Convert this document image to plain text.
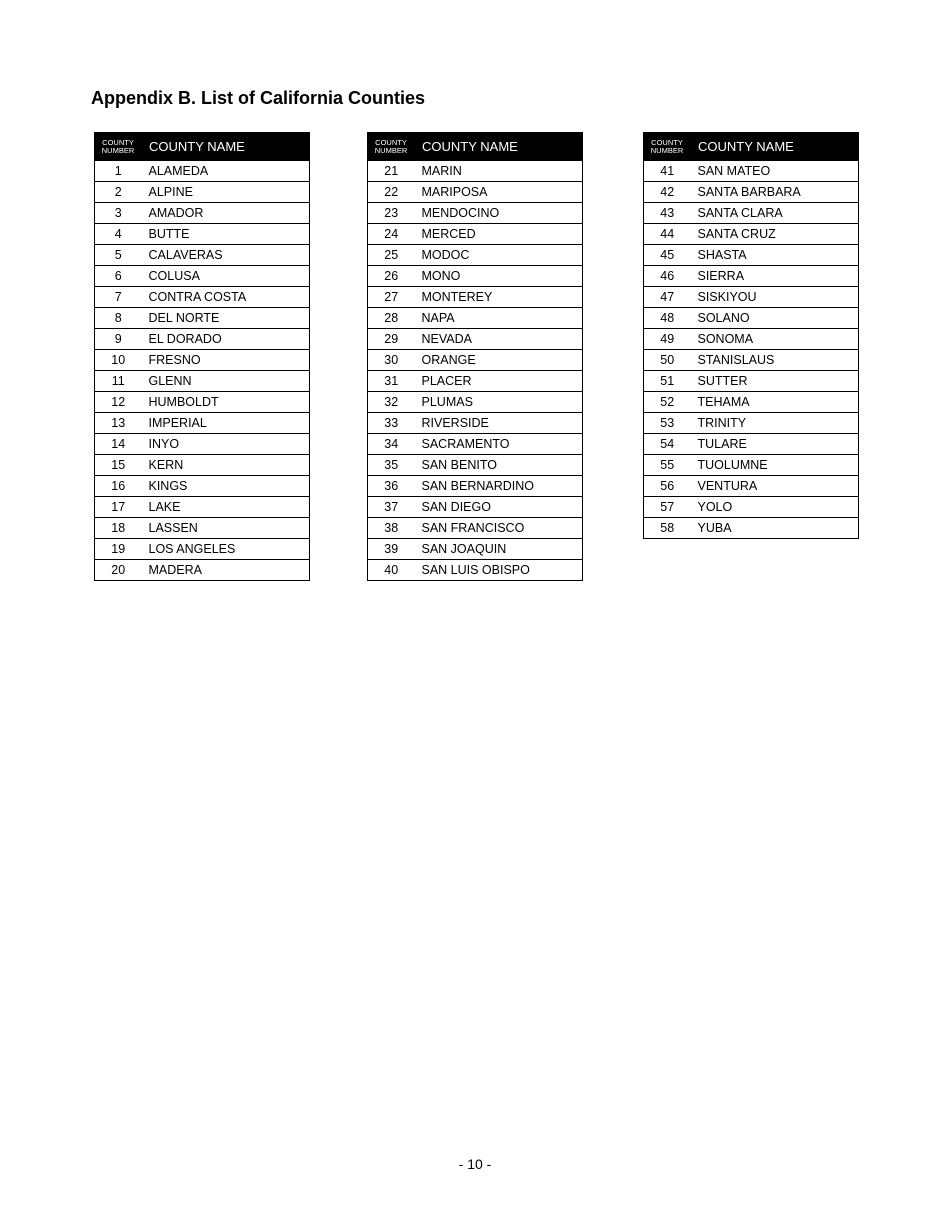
Appendix B. List of California Counties
COUNTY
NUMBER	COUNTY NAME
1	ALAMEDA
2	ALPINE
3	AMADOR
4	BUTTE
5	CALAVERAS
6	COLUSA
7	CONTRA COSTA
8	DEL NORTE
9	EL DORADO
10	FRESNO
11	GLENN
12	HUMBOLDT
13	IMPERIAL
14	INYO
15	KERN
16	KINGS
17	LAKE
18	LASSEN
19	LOS ANGELES
20	MADERA
COUNTY
NUMBER	COUNTY NAME
21	MARIN
22	MARIPOSA
23	MENDOCINO
24	MERCED
25	MODOC
26	MONO
27	MONTEREY
28	NAPA
29	NEVADA
30	ORANGE
31	PLACER
32	PLUMAS
33	RIVERSIDE
34	SACRAMENTO
35	SAN BENITO
36	SAN BERNARDINO
37	SAN DIEGO
38	SAN FRANCISCO
39	SAN JOAQUIN
40	SAN LUIS OBISPO
COUNTY
NUMBER	COUNTY NAME
41	SAN MATEO
42	SANTA BARBARA
43	SANTA CLARA
44	SANTA CRUZ
45	SHASTA
46	SIERRA
47	SISKIYOU
48	SOLANO
49	SONOMA
50	STANISLAUS
51	SUTTER
52	TEHAMA
53	TRINITY
54	TULARE
55	TUOLUMNE
56	VENTURA
57	YOLO
58	YUBA
- 10 -
